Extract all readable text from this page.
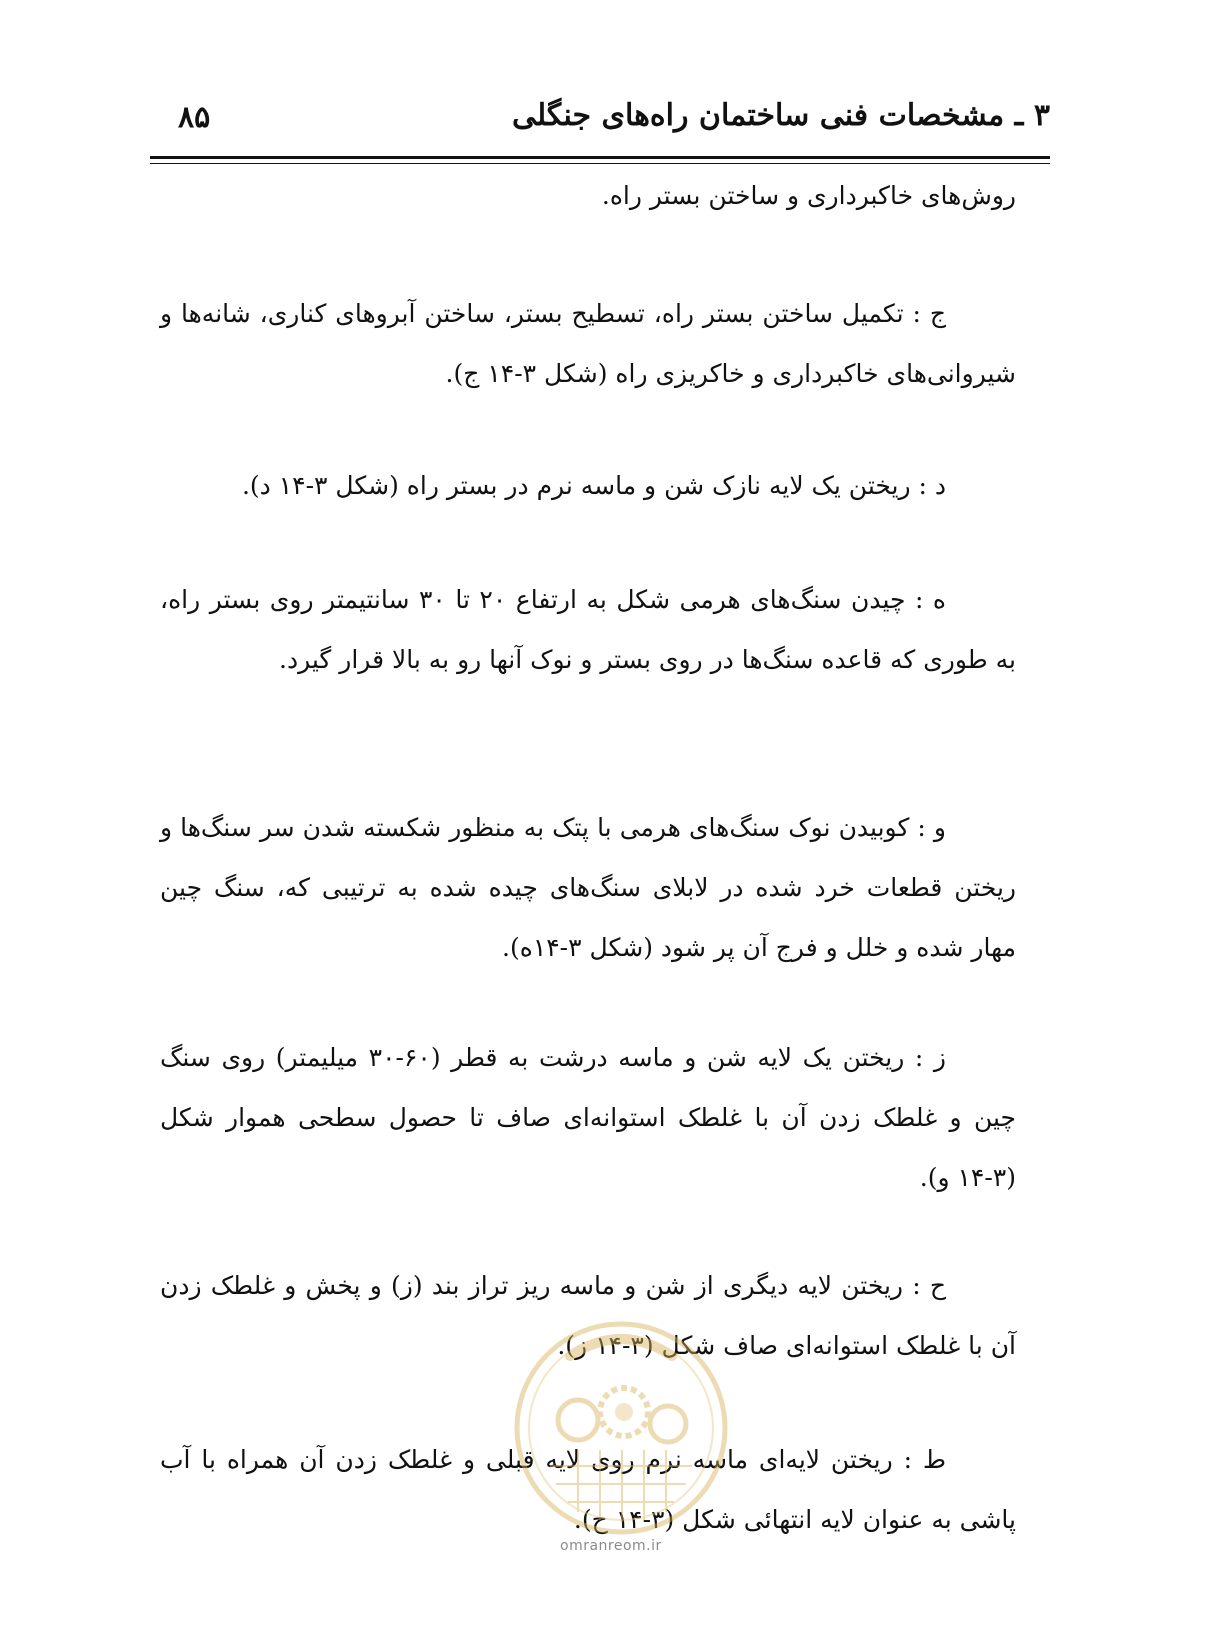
۳ ـ مشخصات فنی ساختمان راه‌های جنگلی
۸۵

روش‌های خاکبرداری و ساختن بستر راه.

ج : تکمیل ساختن بستر راه، تسطیح بستر، ساختن آبروهای کناری، شانه‌ها و شیروانی‌های خاکبرداری و خاکریزی راه (شکل ۳-۱۴ ج).

د : ریختن یک لایه نازک شن و ماسه نرم در بستر راه (شکل ۳-۱۴ د).

ه : چیدن سنگ‌های هرمی شکل به ارتفاع ۲۰ تا ۳۰ سانتیمتر روی بستر راه، به طوری که قاعده سنگ‌ها در روی بستر و نوک آنها رو به بالا قرار گیرد.

و : کوبیدن نوک سنگ‌های هرمی با پتک به منظور شکسته شدن سر سنگ‌ها و ریختن قطعات خرد شده در لابلای سنگ‌های چیده شده به ترتیبی که، سنگ چین مهار شده و خلل و فرج آن پر شود (شکل ۳-۱۴ه).

ز : ریختن یک لایه شن و ماسه درشت به قطر (۶۰-۳۰ میلیمتر) روی سنگ چین و غلطک زدن آن با غلطک استوانه‌ای صاف تا حصول سطحی هموار شکل (۳-۱۴ و).

ح : ریختن لایه دیگری از شن و ماسه ریز تراز بند (ز) و پخش و غلطک زدن آن با غلطک استوانه‌ای صاف شکل (۳-۱۴ ز).

ط : ریختن لایه‌ای ماسه نرم روی لایه قبلی و غلطک زدن آن همراه با آب پاشی به عنوان لایه انتهائی شکل (۳-۱۴ ح).

omranreom.ir
